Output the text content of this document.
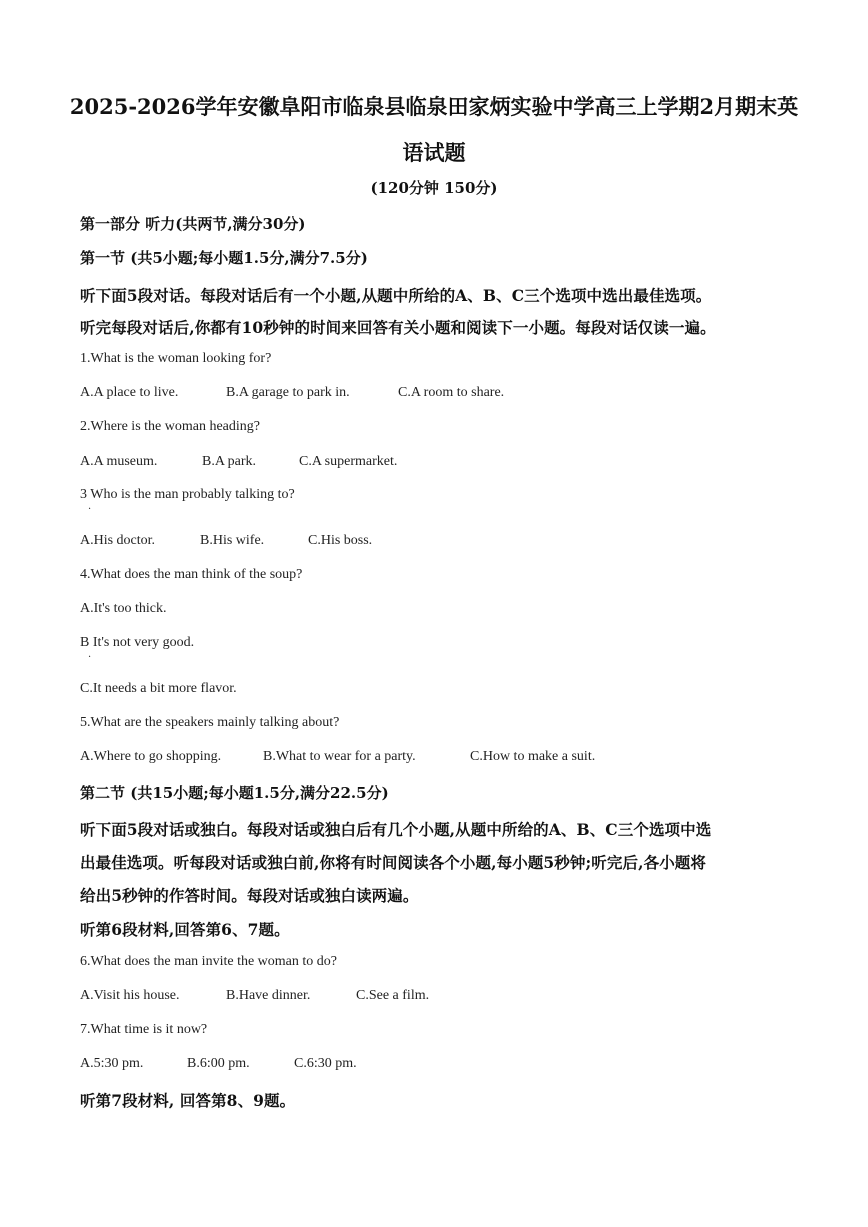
2025-2026学年安徽阜阳市临泉县临泉田家炳实验中学高三上学期2月期末英语试题
(120分钟 150分)
第一部分 听力(共两节,满分30分)
第一节 (共5小题;每小题1.5分,满分7.5分)
听下面5段对话。每段对话后有一个小题,从题中所给的A、B、C三个选项中选出最佳选项。
听完每段对话后,你都有10秒钟的时间来回答有关小题和阅读下一小题。每段对话仅读一遍。
1.What is the woman looking for?
A.A place to live.	B.A garage to park in.	C.A room to share.
2.Where is the woman heading?
A.A museum.	B.A park.	C.A supermarket.
3 Who is the man probably talking to?
·
A.His doctor.	B.His wife.	C.His boss.
4.What does the man think of the soup?
A.It's too thick.
B It's not very good.
·
C.It needs a bit more flavor.
5.What are the speakers mainly talking about?
A.Where to go shopping.	B.What to wear for a party.	C.How to make a suit.
第二节 (共15小题;每小题1.5分,满分22.5分)
听下面5段对话或独白。每段对话或独白后有几个小题,从题中所给的A、B、C三个选项中选
出最佳选项。听每段对话或独白前,你将有时间阅读各个小题,每小题5秒钟;听完后,各小题将
给出5秒钟的作答时间。每段对话或独白读两遍。
听第6段材料,回答第6、7题。
6.What does the man invite the woman to do?
A.Visit his house.	B.Have dinner.	C.See a film.
7.What time is it now?
A.5:30 pm.	B.6:00 pm.	C.6:30 pm.
听第7段材料, 回答第8、9题。
